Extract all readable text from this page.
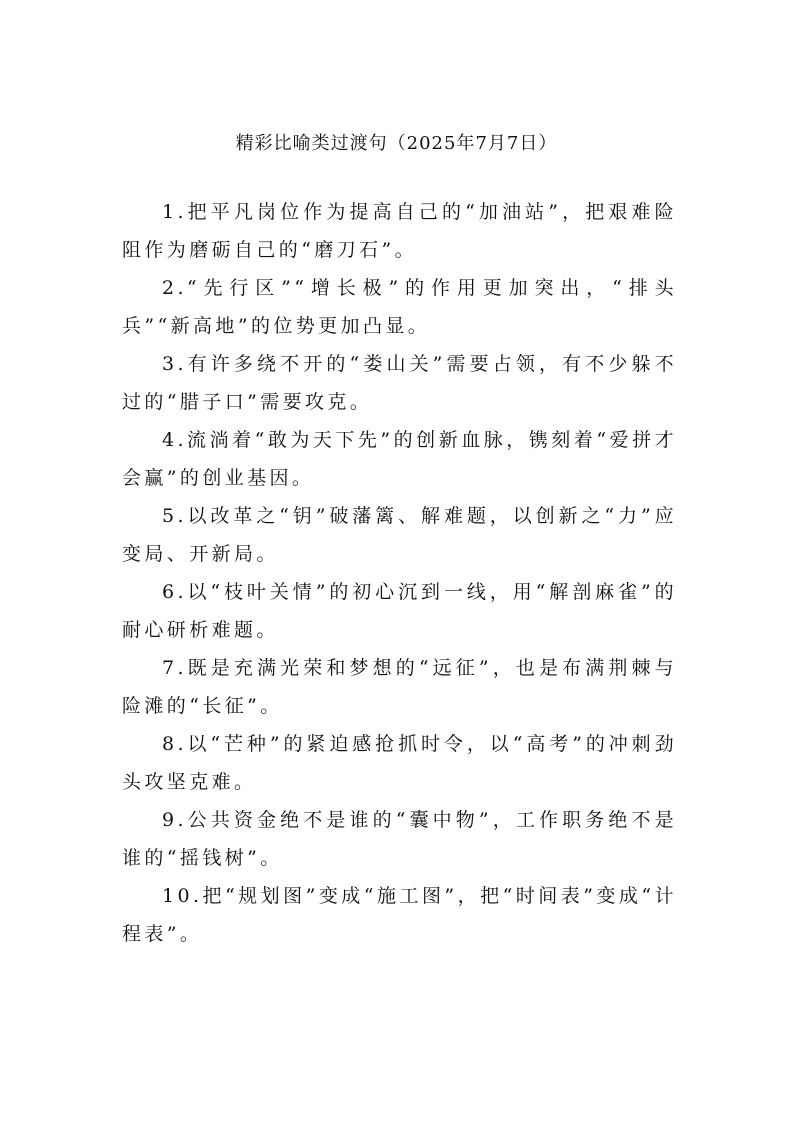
精彩比喻类过渡句（2025年7月7日）

1.把平凡岗位作为提高自己的“加油站”，把艰难险阻作为磨砺自己的“磨刀石”。

2.“先行区”“增长极”的作用更加突出，“排头兵”“新高地”的位势更加凸显。

3.有许多绕不开的“娄山关”需要占领，有不少躲不过的“腊子口”需要攻克。

4.流淌着“敢为天下先”的创新血脉，镌刻着“爱拼才会赢”的创业基因。

5.以改革之“钥”破藩篱、解难题，以创新之“力”应变局、开新局。

6.以“枝叶关情”的初心沉到一线，用“解剖麻雀”的耐心研析难题。

7.既是充满光荣和梦想的“远征”，也是布满荆棘与险滩的“长征”。

8.以“芒种”的紧迫感抢抓时令，以“高考”的冲刺劲头攻坚克难。

9.公共资金绝不是谁的“囊中物”，工作职务绝不是谁的“摇钱树”。

10.把“规划图”变成“施工图”，把“时间表”变成“计程表”。
